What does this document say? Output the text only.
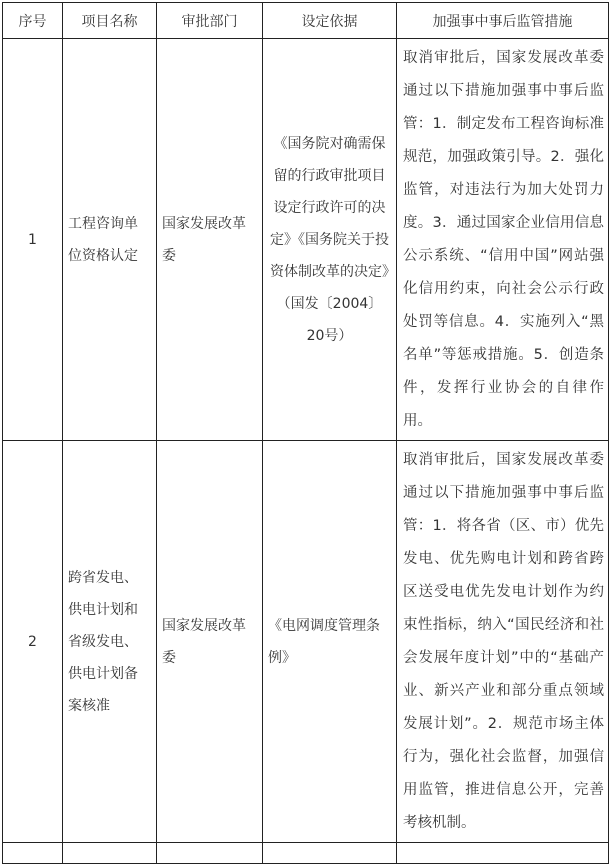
序号	项目名称	审批部门	设定依据	加强事中事后监管措施
1	工程咨询单位资格认定	国家发展改革委	《国务院对确需保留的行政审批项目设定行政许可的决定》《国务院关于投资体制改革的决定》（国发〔2004〕20号）	取消审批后，国家发展改革委通过以下措施加强事中事后监管：1．制定发布工程咨询标准规范，加强政策引导。2．强化监管，对违法行为加大处罚力度。3．通过国家企业信用信息公示系统、“信用中国”网站强化信用约束，向社会公示行政处罚等信息。4．实施列入“黑名单”等惩戒措施。5．创造条件，发挥行业协会的自律作用。
2	跨省发电、供电计划和省级发电、供电计划备案核准	国家发展改革委	《电网调度管理条例》	取消审批后，国家发展改革委通过以下措施加强事中事后监管：1．将各省（区、市）优先发电、优先购电计划和跨省跨区送受电优先发电计划作为约束性指标，纳入“国民经济和社会发展年度计划”中的“基础产业、新兴产业和部分重点领域发展计划”。2．规范市场主体行为，强化社会监督，加强信用监管，推进信息公开，完善考核机制。
